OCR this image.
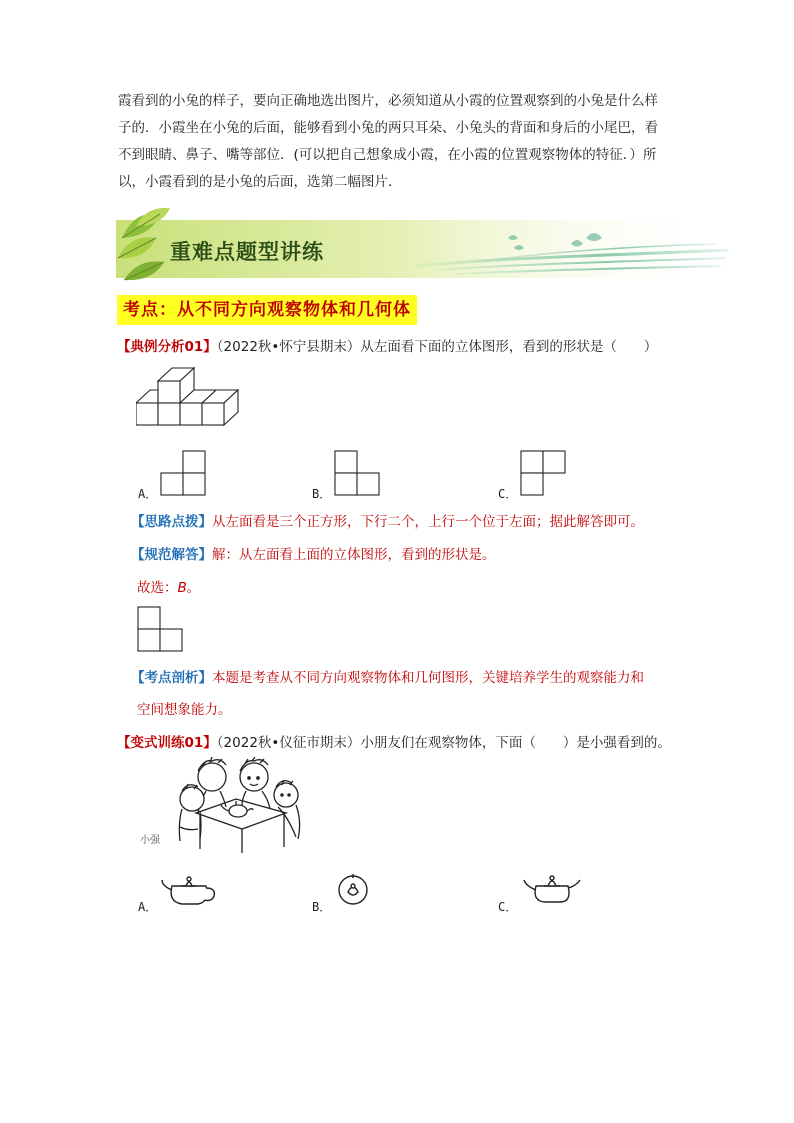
霞看到的小兔的样子，要向正确地选出图片，必须知道从小霞的位置观察到的小兔是什么样

子的．小霞坐在小兔的后面，能够看到小兔的两只耳朵、小兔头的背面和身后的小尾巴，看

不到眼睛、鼻子、嘴等部位．(可以把自己想象成小霞，在小霞的位置观察物体的特征．）所

以，小霞看到的是小兔的后面，选第二幅图片．

重难点题型讲练
考点：从不同方向观察物体和几何体
【典例分析01】（2022秋•怀宁县期末）从左面看下面的立体图形，看到的形状是（　　）
A．	B．	C．
【思路点拨】从左面看是三个正方形，下行二个，上行一个位于左面；据此解答即可。
【规范解答】解：从左面看上面的立体图形，看到的形状是。
故选：B。
【考点剖析】本题是考查从不同方向观察物体和几何图形，关键培养学生的观察能力和
空间想象能力。
【变式训练01】（2022秋•仪征市期末）小朋友们在观察物体，下面（　　）是小强看到的。
小强
A．	B．	C．
